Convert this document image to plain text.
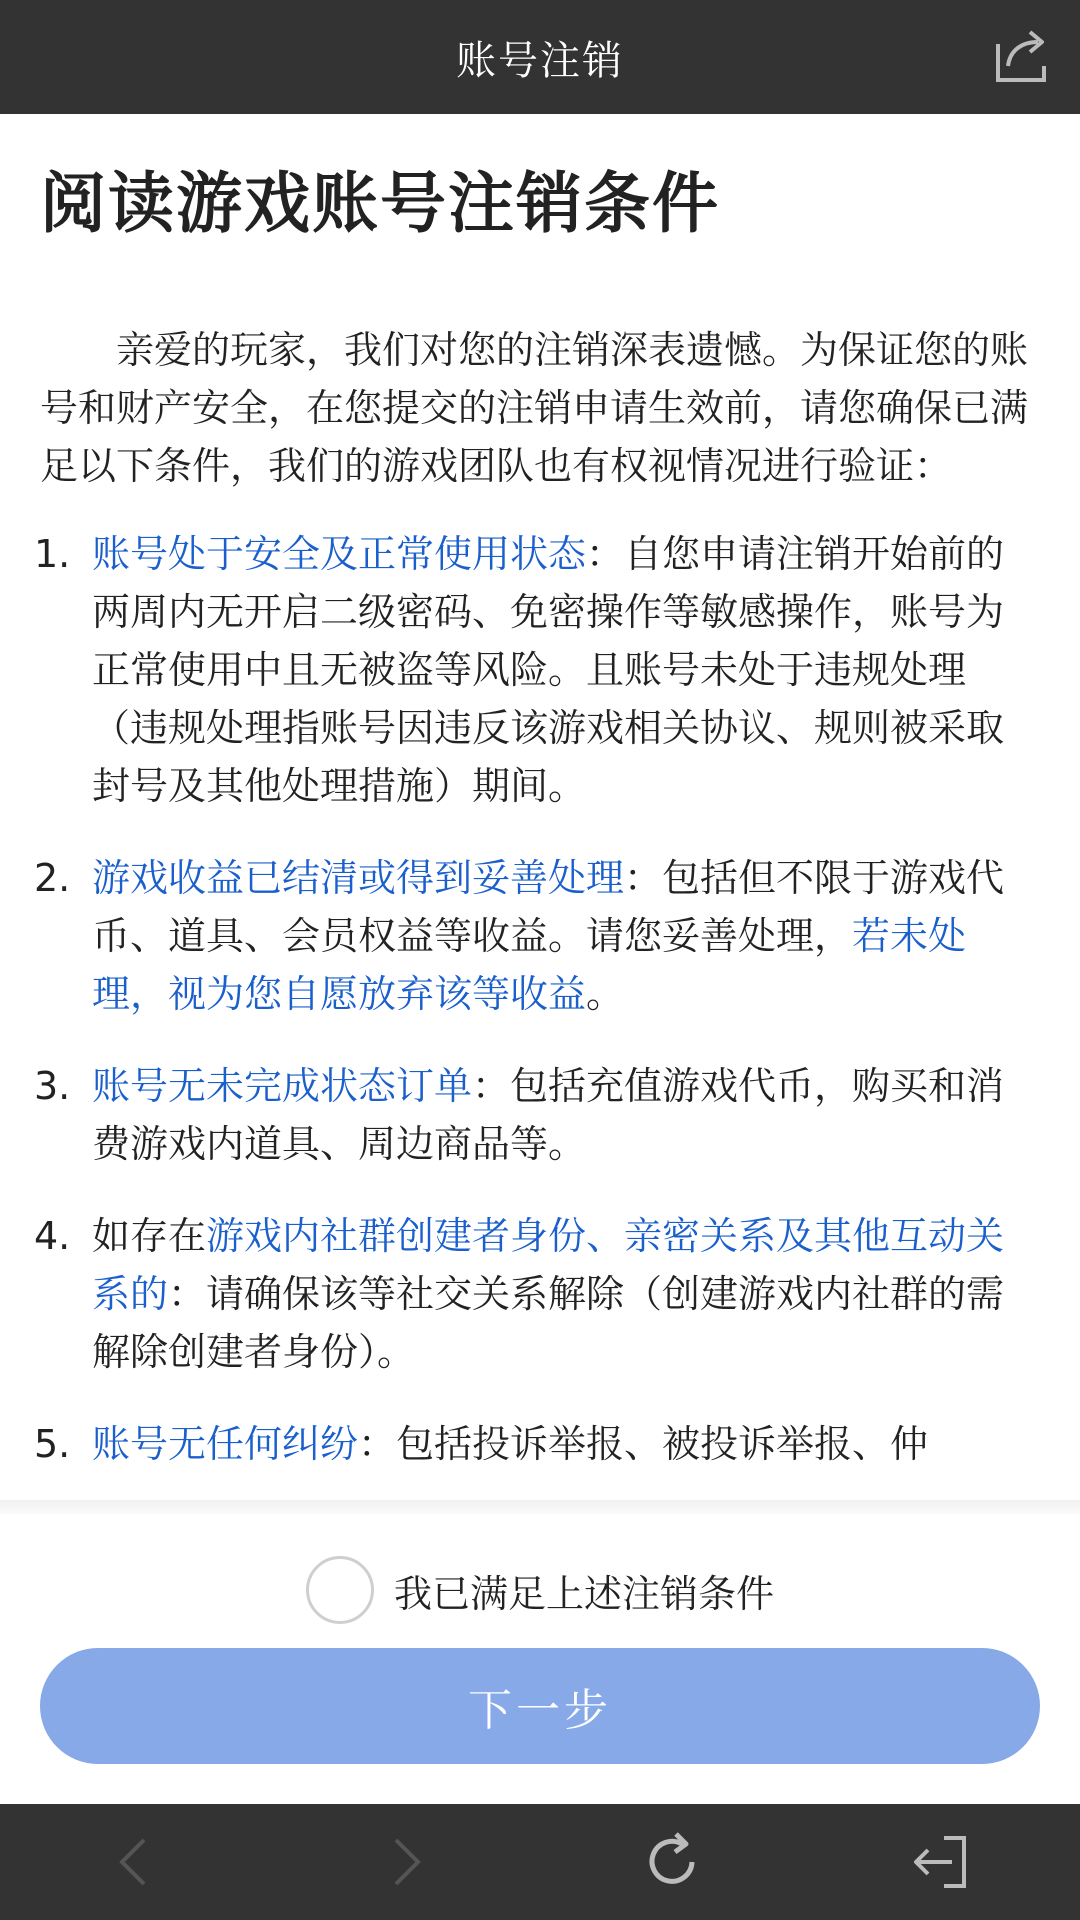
账号注销
阅读游戏账号注销条件

亲爱的玩家，我们对您的注销深表遗憾。为保证您的账号和财产安全，在您提交的注销申请生效前，请您确保已满足以下条件，我们的游戏团队也有权视情况进行验证：

1. 账号处于安全及正常使用状态：自您申请注销开始前的两周内无开启二级密码、免密操作等敏感操作，账号为正常使用中且无被盗等风险。且账号未处于违规处理（违规处理指账号因违反该游戏相关协议、规则被采取封号及其他处理措施）期间。
2. 游戏收益已结清或得到妥善处理：包括但不限于游戏代币、道具、会员权益等收益。请您妥善处理，若未处理，视为您自愿放弃该等收益。
3. 账号无未完成状态订单：包括充值游戏代币，购买和消费游戏内道具、周边商品等。
4. 如存在游戏内社群创建者身份、亲密关系及其他互动关系的：请确保该等社交关系解除（创建游戏内社群的需解除创建者身份）。
5. 账号无任何纠纷：包括投诉举报、被投诉举报、仲
我已满足上述注销条件
下一步
